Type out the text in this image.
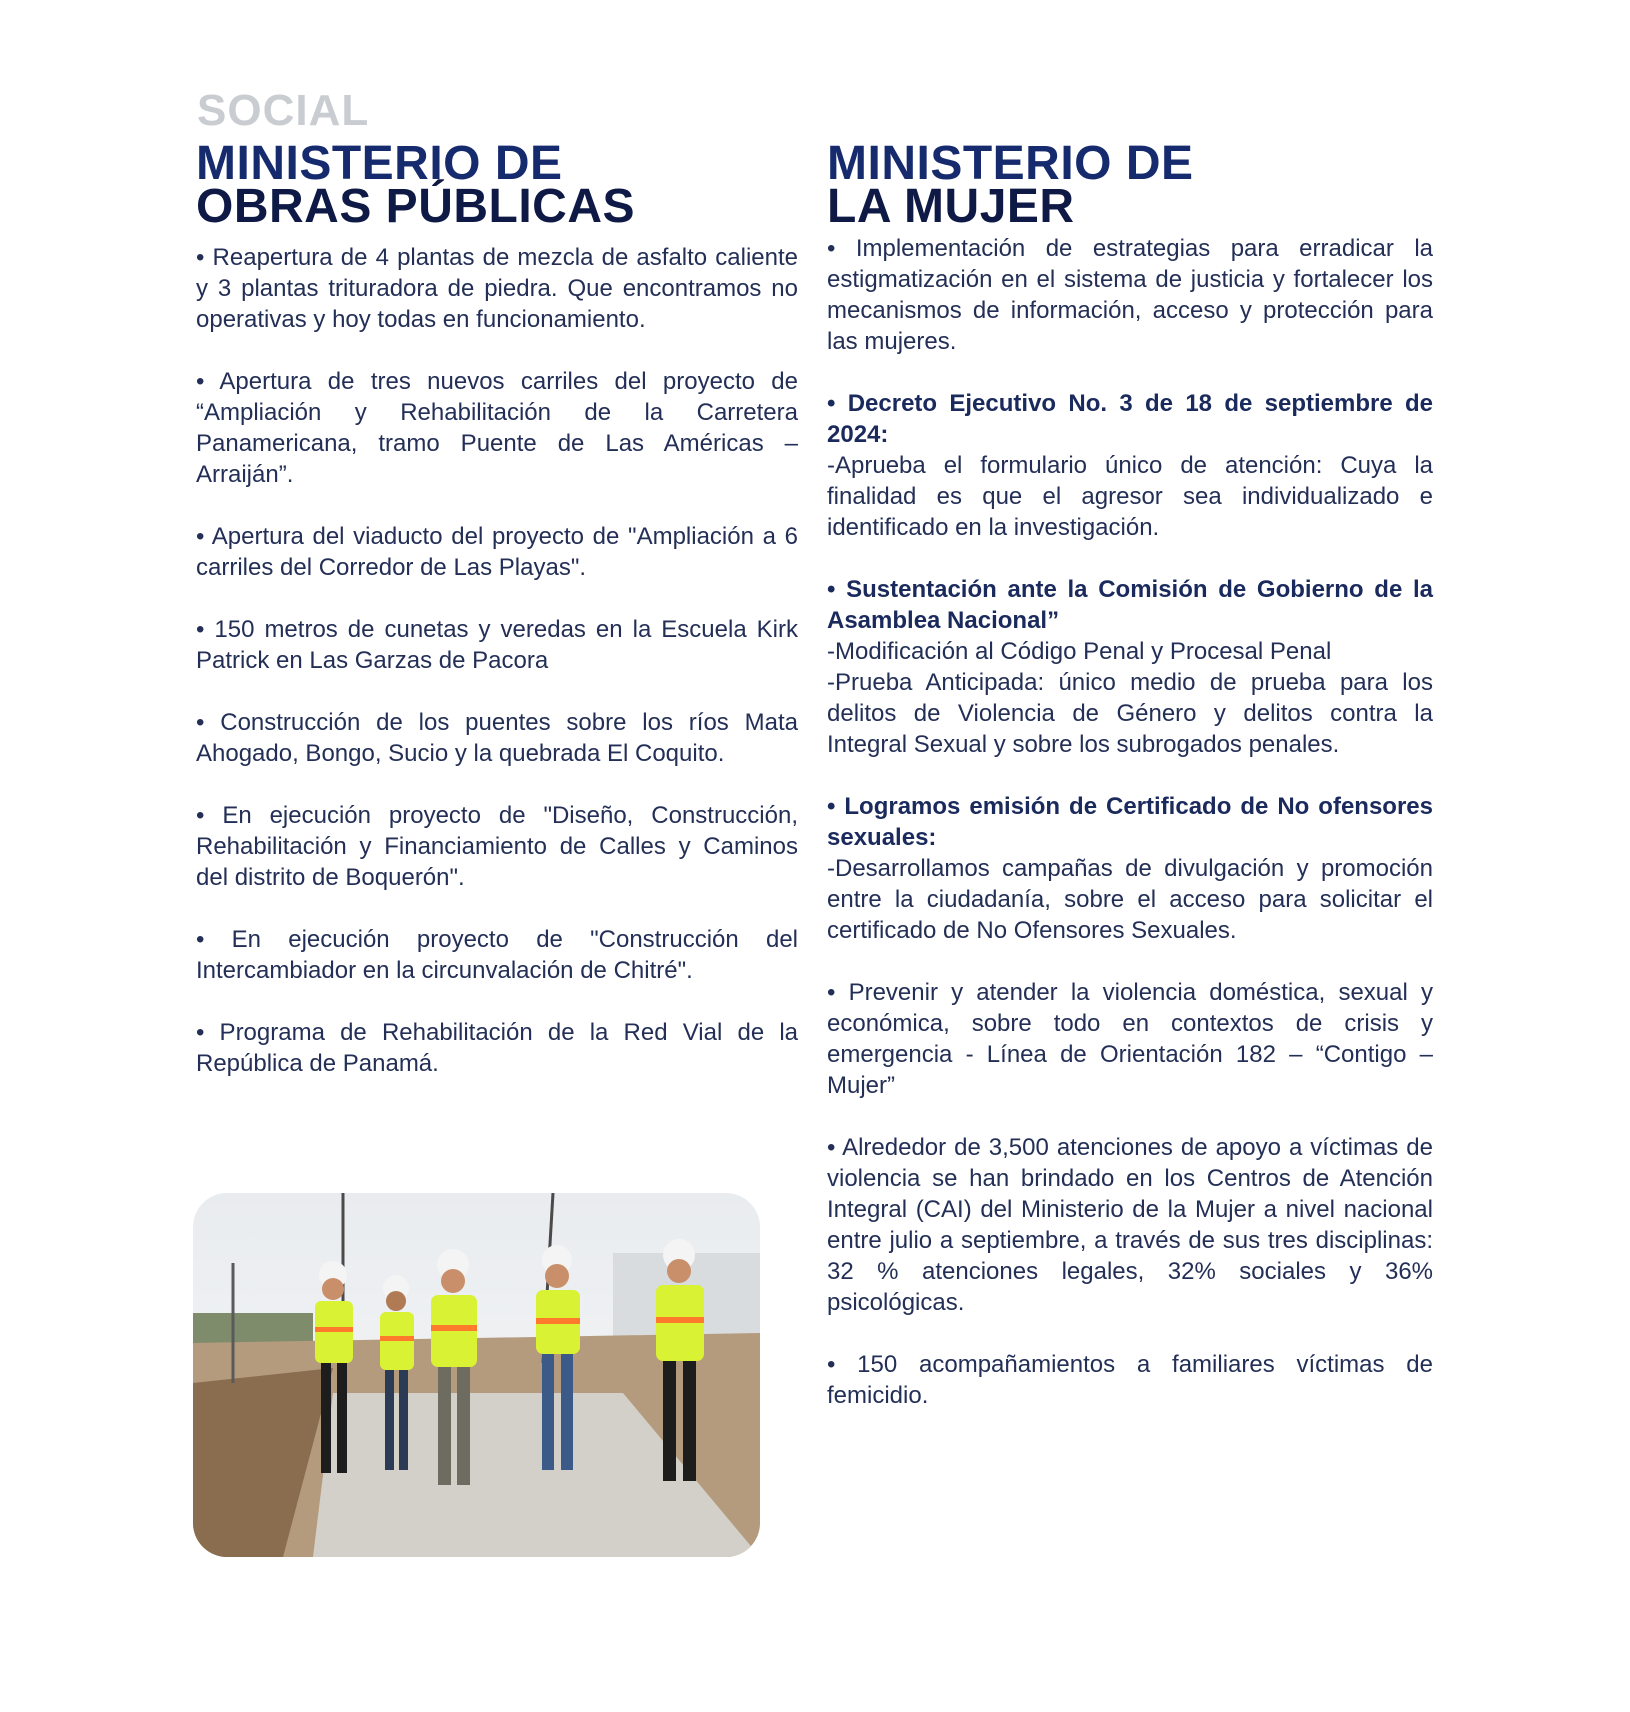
SOCIAL
MINISTERIO DE
OBRAS PÚBLICAS

• Reapertura de 4 plantas de mezcla de asfalto caliente y 3 plantas trituradora de piedra. Que encontramos no operativas y hoy todas en funcionamiento.

• Apertura de tres nuevos carriles del proyecto de “Ampliación y Rehabilitación de la Carretera Panamericana, tramo Puente de Las Américas – Arraiján”.

• Apertura del viaducto del proyecto de "Ampliación a 6 carriles del Corredor de Las Playas".

• 150 metros de cunetas y veredas en la Escuela Kirk Patrick en Las Garzas de Pacora

• Construcción de los puentes sobre los ríos Mata Ahogado, Bongo, Sucio y la quebrada El Coquito.

• En ejecución proyecto de "Diseño, Construcción, Rehabilitación y Financiamiento de Calles y Caminos del distrito de Boquerón".

• En ejecución proyecto de "Construcción del Intercambiador en la circunvalación de Chitré".

• Programa de Rehabilitación de la Red Vial de la República de Panamá.

MINISTERIO DE
LA MUJER

• Implementación de estrategias para erradicar la estigmatización en el sistema de justicia y fortalecer los mecanismos de información, acceso y protección para las mujeres.

• Decreto Ejecutivo No. 3 de 18 de septiembre de 2024:
-Aprueba el formulario único de atención: Cuya la finalidad es que el agresor sea individualizado e identificado en la investigación.

• Sustentación ante la Comisión de Gobierno de la Asamblea Nacional”
-Modificación al Código Penal y Procesal Penal
-Prueba Anticipada: único medio de prueba para los delitos de Violencia de Género y delitos contra la Integral Sexual y sobre los subrogados penales.

• Logramos emisión de Certificado de No ofensores sexuales:
-Desarrollamos campañas de divulgación y promoción entre la ciudadanía, sobre el acceso para solicitar el certificado de No Ofensores Sexuales.

• Prevenir y atender la violencia doméstica, sexual y económica, sobre todo en contextos de crisis y emergencia - Línea de Orientación 182 – “Contigo – Mujer”

• Alrededor de 3,500 atenciones de apoyo a víctimas de violencia se han brindado en los Centros de Atención Integral (CAI) del Ministerio de la Mujer a nivel nacional entre julio a septiembre, a través de sus tres disciplinas: 32 % atenciones legales, 32% sociales y 36% psicológicas.

• 150 acompañamientos a familiares víctimas de femicidio.
